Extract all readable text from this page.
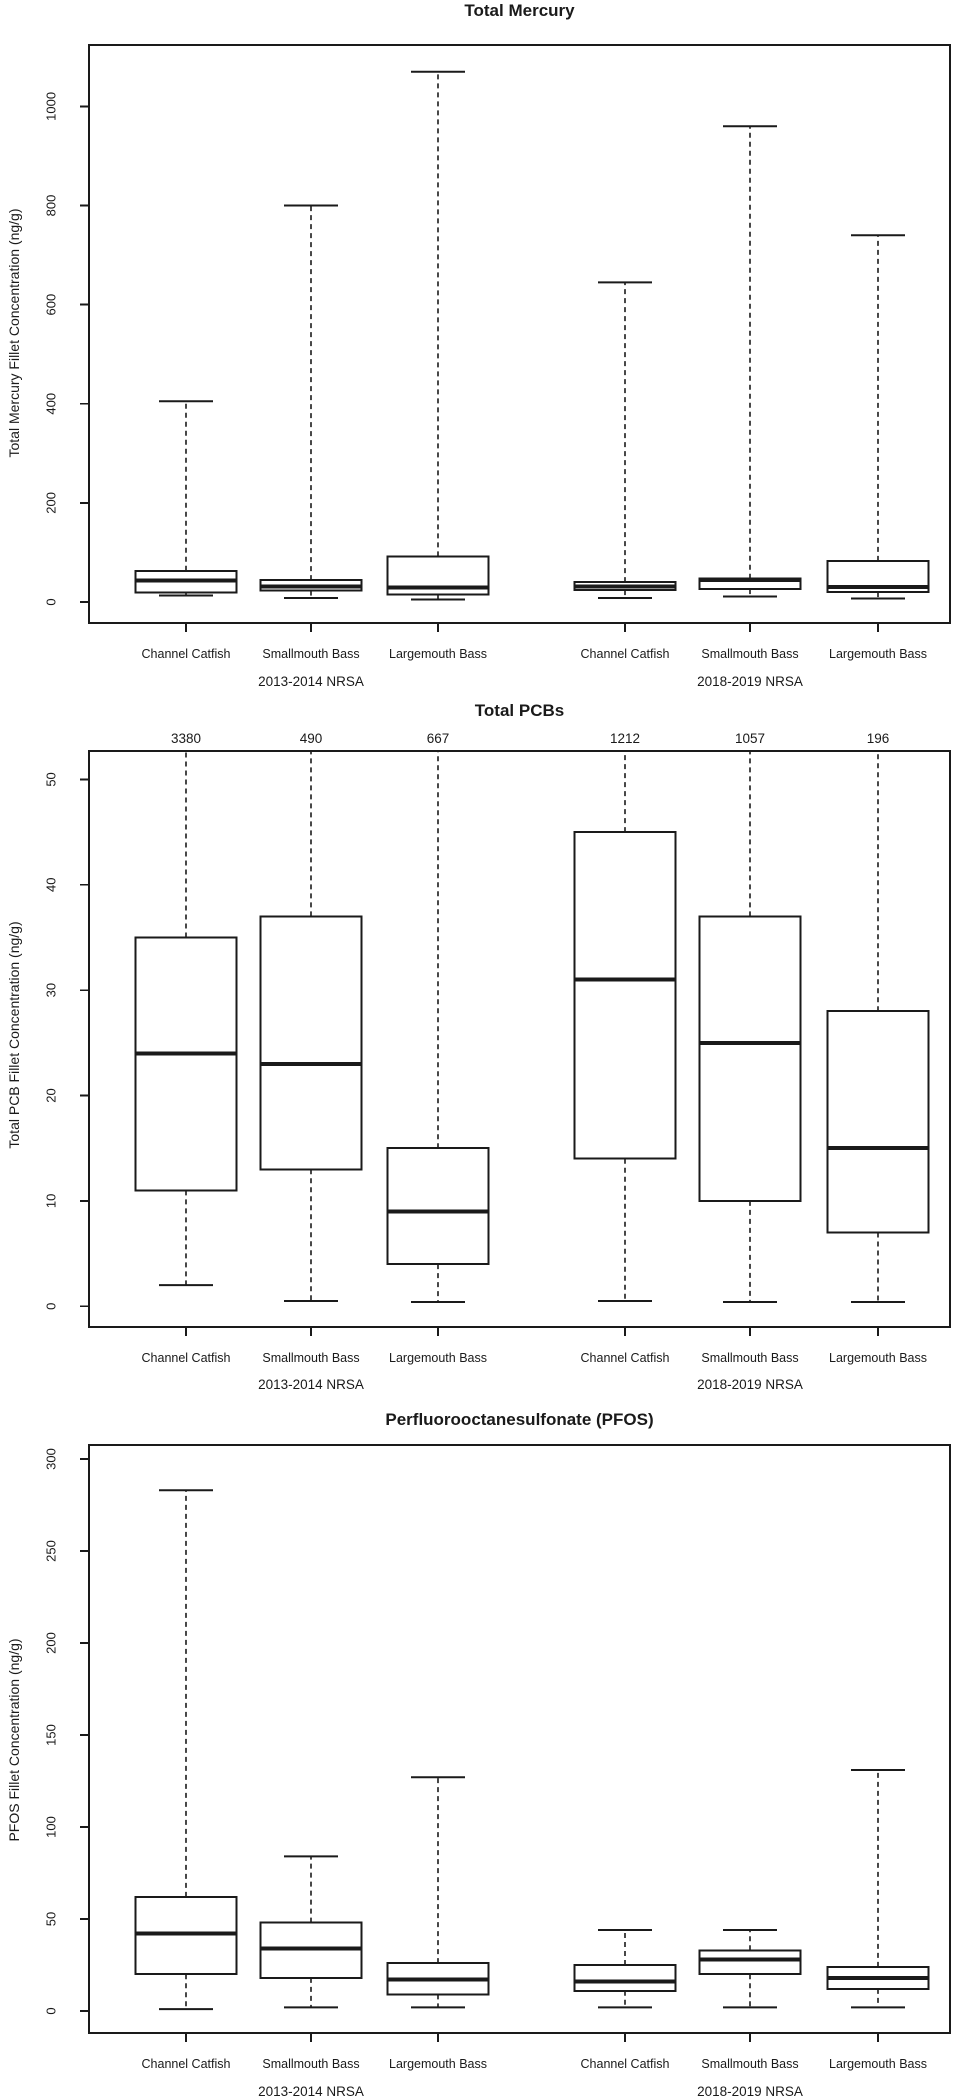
Total Mercury
Total Mercury Fillet Concentration (ng/g)
0
200
400
600
800
1000
Channel Catfish	Smallmouth Bass Largemouth Bass	Channel Catfish	Smallmouth Bass Largemouth Bass
2013-2014 NRSA	2018-2019 NRSA
Total PCBs
Total PCB Fillet Concentration (ng/g)
3380	490	667	1212	1057	196
0
10
20
30
40
50
Channel Catfish	Smallmouth Bass Largemouth Bass	Channel Catfish	Smallmouth Bass Largemouth Bass
2013-2014 NRSA	2018-2019 NRSA
Perfluorooctanesulfonate (PFOS)
PFOS Fillet Concentration (ng/g)
0
50
100
150
200
250
300
Channel Catfish	Smallmouth Bass Largemouth Bass	Channel Catfish	Smallmouth Bass Largemouth Bass
2013-2014 NRSA	2018-2019 NRSA
